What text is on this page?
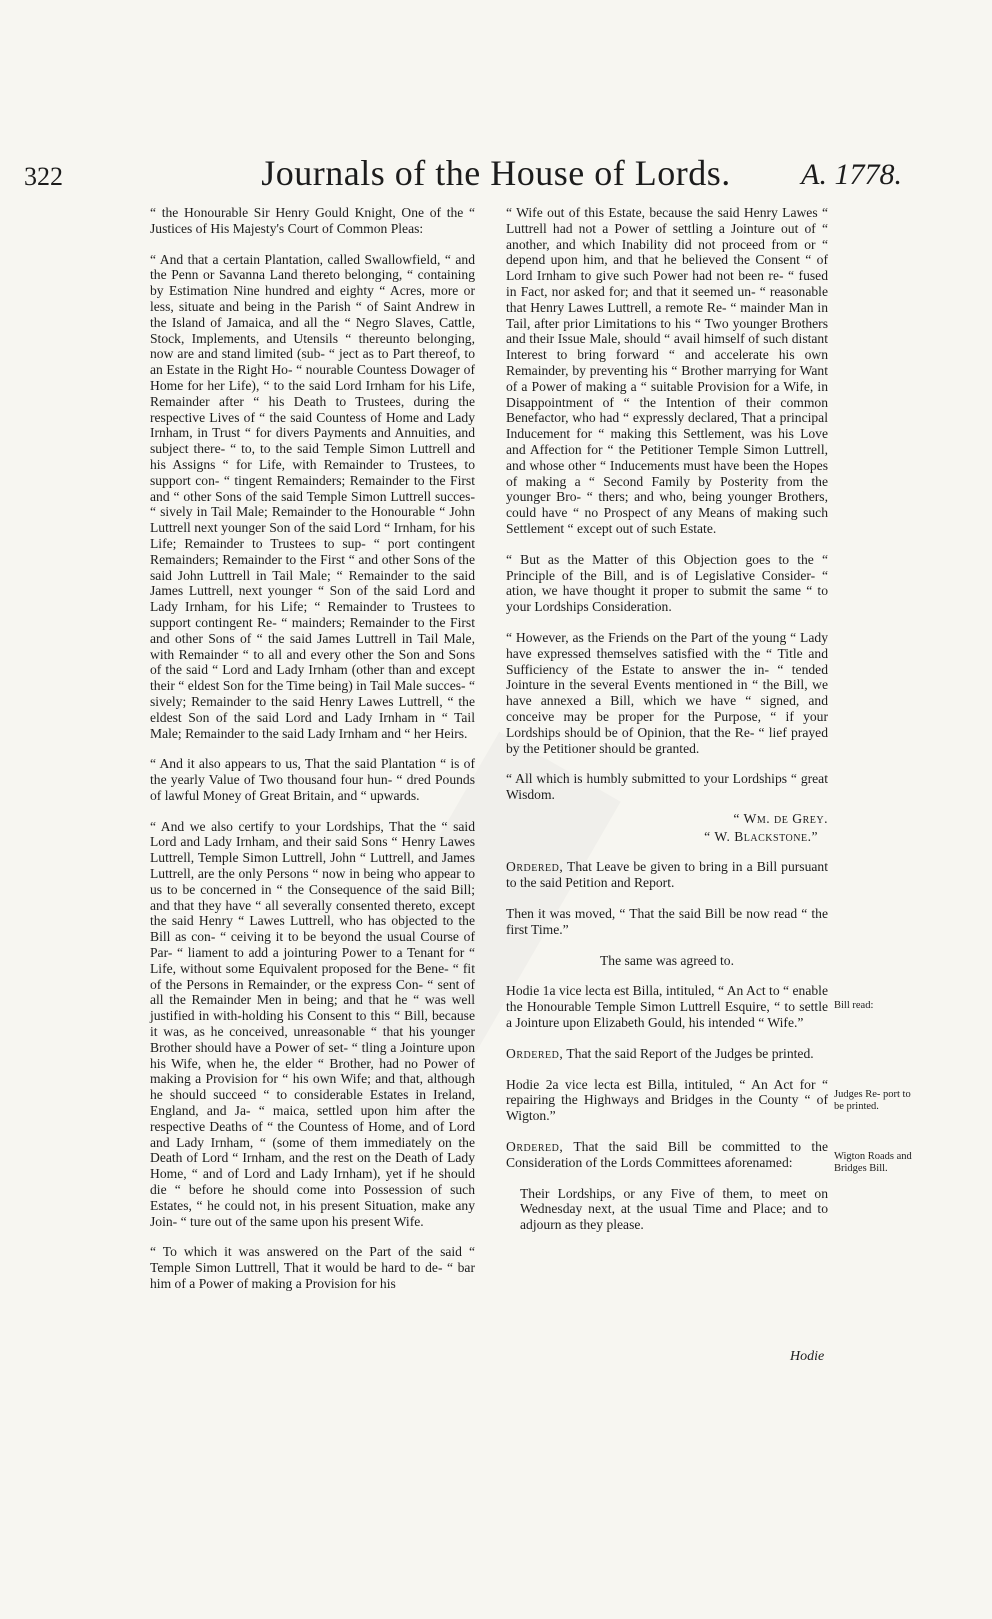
322	Journals of the House of Lords.	A. 1778.

“ the Honourable Sir Henry Gould Knight, One of the “ Justices of His Majesty's Court of Common Pleas:

“ And that a certain Plantation, called Swallowfield, “ and the Penn or Savanna Land thereto belonging, “ containing by Estimation Nine hundred and eighty “ Acres, more or less, situate and being in the Parish “ of Saint Andrew in the Island of Jamaica, and all the “ Negro Slaves, Cattle, Stock, Implements, and Utensils “ thereunto belonging, now are and stand limited (sub- “ ject as to Part thereof, to an Estate in the Right Ho- “ nourable Countess Dowager of Home for her Life), “ to the said Lord Irnham for his Life, Remainder after “ his Death to Trustees, during the respective Lives of “ the said Countess of Home and Lady Irnham, in Trust “ for divers Payments and Annuities, and subject there- “ to, to the said Temple Simon Luttrell and his Assigns “ for Life, with Remainder to Trustees, to support con- “ tingent Remainders; Remainder to the First and “ other Sons of the said Temple Simon Luttrell succes- “ sively in Tail Male; Remainder to the Honourable “ John Luttrell next younger Son of the said Lord “ Irnham, for his Life; Remainder to Trustees to sup- “ port contingent Remainders; Remainder to the First “ and other Sons of the said John Luttrell in Tail Male; “ Remainder to the said James Luttrell, next younger “ Son of the said Lord and Lady Irnham, for his Life; “ Remainder to Trustees to support contingent Re- “ mainders; Remainder to the First and other Sons of “ the said James Luttrell in Tail Male, with Remainder “ to all and every other the Son and Sons of the said “ Lord and Lady Irnham (other than and except their “ eldest Son for the Time being) in Tail Male succes- “ sively; Remainder to the said Henry Lawes Luttrell, “ the eldest Son of the said Lord and Lady Irnham in “ Tail Male; Remainder to the said Lady Irnham and “ her Heirs.

“ And it also appears to us, That the said Plantation “ is of the yearly Value of Two thousand four hun- “ dred Pounds of lawful Money of Great Britain, and “ upwards.

“ And we also certify to your Lordships, That the “ said Lord and Lady Irnham, and their said Sons “ Henry Lawes Luttrell, Temple Simon Luttrell, John “ Luttrell, and James Luttrell, are the only Persons “ now in being who appear to us to be concerned in “ the Consequence of the said Bill; and that they have “ all severally consented thereto, except the said Henry “ Lawes Luttrell, who has objected to the Bill as con- “ ceiving it to be beyond the usual Course of Par- “ liament to add a jointuring Power to a Tenant for “ Life, without some Equivalent proposed for the Bene- “ fit of the Persons in Remainder, or the express Con- “ sent of all the Remainder Men in being; and that he “ was well justified in with-holding his Consent to this “ Bill, because it was, as he conceived, unreasonable “ that his younger Brother should have a Power of set- “ tling a Jointure upon his Wife, when he, the elder “ Brother, had no Power of making a Provision for “ his own Wife; and that, although he should succeed “ to considerable Estates in Ireland, England, and Ja- “ maica, settled upon him after the respective Deaths of “ the Countess of Home, and of Lord and Lady Irnham, “ (some of them immediately on the Death of Lord “ Irnham, and the rest on the Death of Lady Home, “ and of Lord and Lady Irnham), yet if he should die “ before he should come into Possession of such Estates, “ he could not, in his present Situation, make any Join- “ ture out of the same upon his present Wife.

“ To which it was answered on the Part of the said “ Temple Simon Luttrell, That it would be hard to de- “ bar him of a Power of making a Provision for his

“ Wife out of this Estate, because the said Henry Lawes “ Luttrell had not a Power of settling a Jointure out of “ another, and which Inability did not proceed from or “ depend upon him, and that he believed the Consent “ of Lord Irnham to give such Power had not been re- “ fused in Fact, nor asked for; and that it seemed un- “ reasonable that Henry Lawes Luttrell, a remote Re- “ mainder Man in Tail, after prior Limitations to his “ Two younger Brothers and their Issue Male, should “ avail himself of such distant Interest to bring forward “ and accelerate his own Remainder, by preventing his “ Brother marrying for Want of a Power of making a “ suitable Provision for a Wife, in Disappointment of “ the Intention of their common Benefactor, who had “ expressly declared, That a principal Inducement for “ making this Settlement, was his Love and Affection for “ the Petitioner Temple Simon Luttrell, and whose other “ Inducements must have been the Hopes of making a “ Second Family by Posterity from the younger Bro- “ thers; and who, being younger Brothers, could have “ no Prospect of any Means of making such Settlement “ except out of such Estate.

“ But as the Matter of this Objection goes to the “ Principle of the Bill, and is of Legislative Consider- “ ation, we have thought it proper to submit the same “ to your Lordships Consideration.

“ However, as the Friends on the Part of the young “ Lady have expressed themselves satisfied with the “ Title and Sufficiency of the Estate to answer the in- “ tended Jointure in the several Events mentioned in “ the Bill, we have annexed a Bill, which we have “ signed, and conceive may be proper for the Purpose, “ if your Lordships should be of Opinion, that the Re- “ lief prayed by the Petitioner should be granted.

“ All which is humbly submitted to your Lordships “ great Wisdom.

“ Wm. de Grey.

“ W. Blackstone.”

Ordered, That Leave be given to bring in a Bill pursuant to the said Petition and Report.

Then it was moved, “ That the said Bill be now read “ the first Time.”

The same was agreed to.

Hodie 1a vice lecta est Billa, intituled, “ An Act to “ enable the Honourable Temple Simon Luttrell Esquire, “ to settle a Jointure upon Elizabeth Gould, his intended “ Wife.”

Ordered, That the said Report of the Judges be printed.

Hodie 2a vice lecta est Billa, intituled, “ An Act for “ repairing the Highways and Bridges in the County “ of Wigton.”

Ordered, That the said Bill be committed to the Consideration of the Lords Committees aforenamed:

Their Lordships, or any Five of them, to meet on Wednesday next, at the usual Time and Place; and to adjourn as they please.

Bill read:
Judges Re- port to be printed.
Wigton Roads and Bridges Bill.
Hodie
